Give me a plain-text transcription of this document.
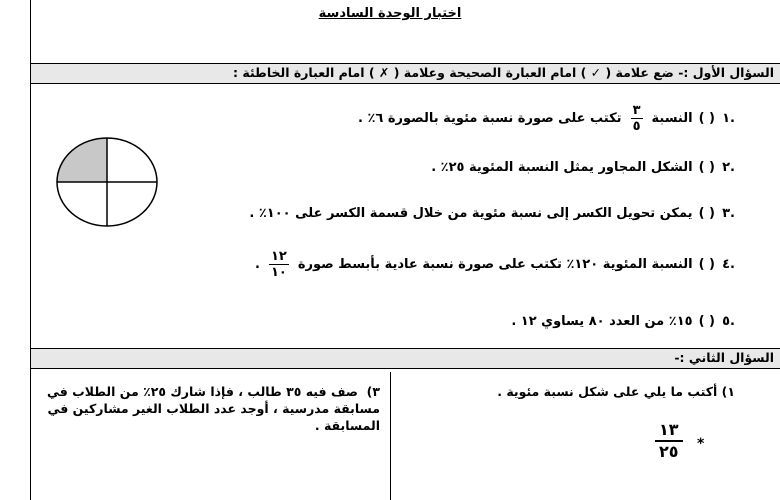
اختبار الوحدة السادسة
السؤال الأول :- ضع علامة ( ✓ ) امام العبارة الصحيحة وعلامة ( ✗ ) امام العبارة الخاطئة :
.١
( )
النسبة
$\frac{٣}{٥}$
تكتب على صورة نسبة مئوية بالصورة ٦٪ .
.٢
( )
الشكل المجاور يمثل النسبة المئوية ٢٥٪ .
.٣
( )
يمكن تحويل الكسر إلى نسبة مئوية من خلال قسمة الكسر على ١٠٠٪ .
.٤
( )
النسبة المئوية ١٢٠٪ تكتب على صورة نسبة عادية بأبسط صورة
$\frac{١٢}{١٠}$
.
.٥
( )
١٥٪ من العدد ٨٠ يساوي ١٢ .
السؤال الثاني :-
١) أكتب ما يلي على شكل نسبة مئوية .
١٣
٢٥ *
٣)  صف فيه ٣٥ طالب ، فإذا شارك ٢٥٪ من الطلاب في
مسابقة مدرسية ، أوجد عدد الطلاب الغير مشاركين في
المسابقة .
